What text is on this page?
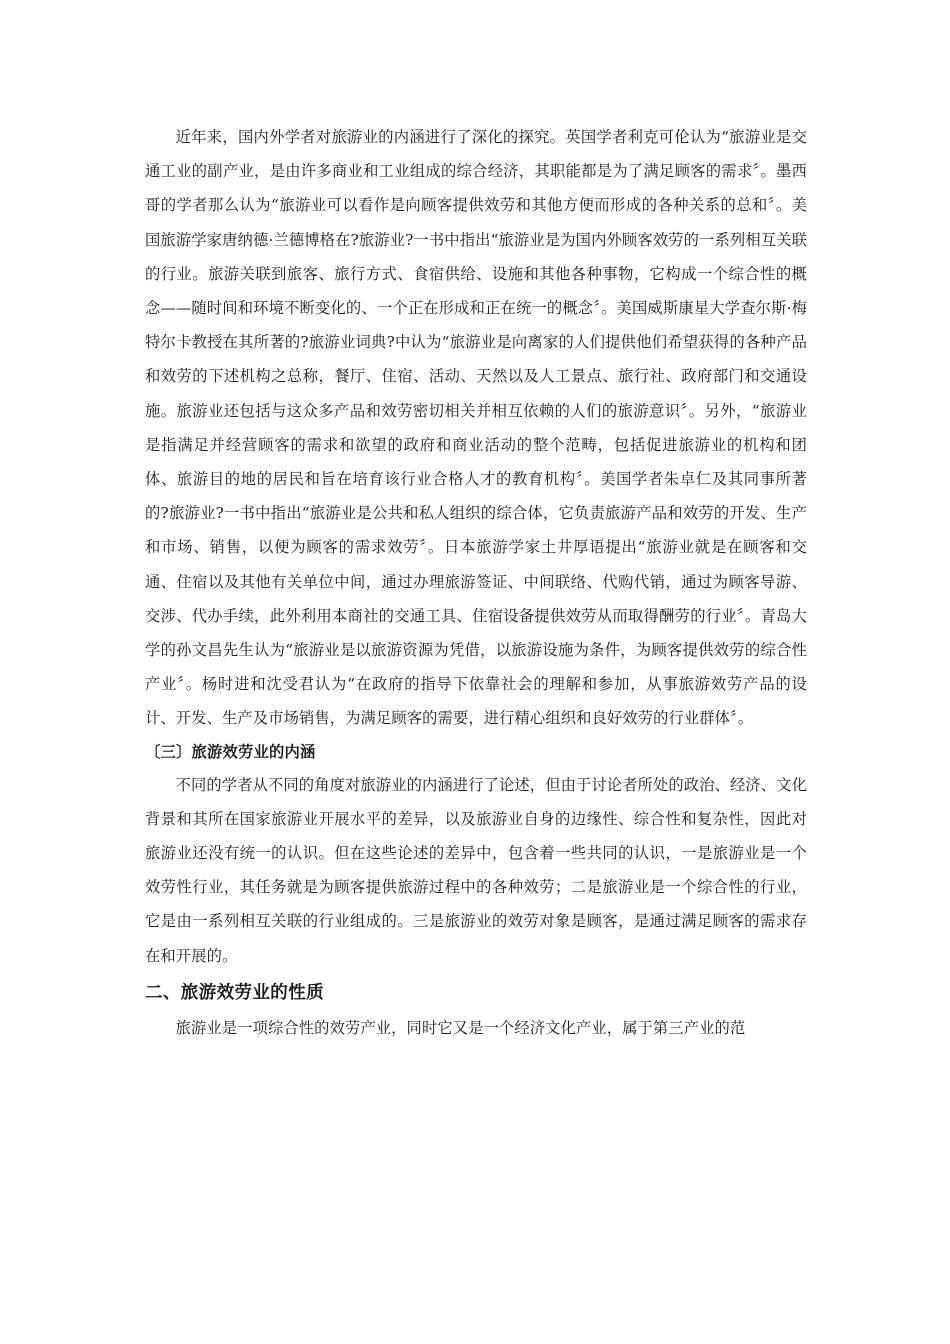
近年来，国内外学者对旅游业的内涵进行了深化的探究。英国学者利克可伦认为“旅游业是交通工业的副产业，是由许多商业和工业组成的综合经济，其职能都是为了满足顾客的需求〞。墨西哥的学者那么认为“旅游业可以看作是向顾客提供效劳和其他方便而形成的各种关系的总和〞。美国旅游学家唐纳德·兰德博格在?旅游业?一书中指出“旅游业是为国内外顾客效劳的一系列相互关联的行业。旅游关联到旅客、旅行方式、食宿供给、设施和其他各种事物，它构成一个综合性的概念——随时间和环境不断变化的、一个正在形成和正在统一的概念〞。美国威斯康星大学查尔斯·梅特尔卡教授在其所著的?旅游业词典?中认为“旅游业是向离家的人们提供他们希望获得的各种产品和效劳的下述机构之总称，餐厅、住宿、活动、天然以及人工景点、旅行社、政府部门和交通设施。旅游业还包括与这众多产品和效劳密切相关并相互依赖的人们的旅游意识〞。另外，“旅游业是指满足并经营顾客的需求和欲望的政府和商业活动的整个范畴，包括促进旅游业的机构和团体、旅游目的地的居民和旨在培育该行业合格人才的教育机构〞。美国学者朱卓仁及其同事所著的?旅游业?一书中指出“旅游业是公共和私人组织的综合体，它负责旅游产品和效劳的开发、生产和市场、销售，以便为顾客的需求效劳〞。日本旅游学家土井厚语提出“旅游业就是在顾客和交通、住宿以及其他有关单位中间，通过办理旅游签证、中间联络、代购代销，通过为顾客导游、交涉、代办手续，此外利用本商社的交通工具、住宿设备提供效劳从而取得酬劳的行业〞。青岛大学的孙文昌先生认为“旅游业是以旅游资源为凭借，以旅游设施为条件，为顾客提供效劳的综合性产业〞。杨时进和沈受君认为“在政府的指导下依靠社会的理解和参加，从事旅游效劳产品的设计、开发、生产及市场销售，为满足顾客的需要，进行精心组织和良好效劳的行业群体〞。

〔三〕旅游效劳业的内涵

不同的学者从不同的角度对旅游业的内涵进行了论述，但由于讨论者所处的政治、经济、文化背景和其所在国家旅游业开展水平的差异，以及旅游业自身的边缘性、综合性和复杂性，因此对旅游业还没有统一的认识。但在这些论述的差异中，包含着一些共同的认识，一是旅游业是一个效劳性行业，其任务就是为顾客提供旅游过程中的各种效劳；二是旅游业是一个综合性的行业，它是由一系列相互关联的行业组成的。三是旅游业的效劳对象是顾客，是通过满足顾客的需求存在和开展的。

二、旅游效劳业的性质

旅游业是一项综合性的效劳产业，同时它又是一个经济文化产业，属于第三产业的范
